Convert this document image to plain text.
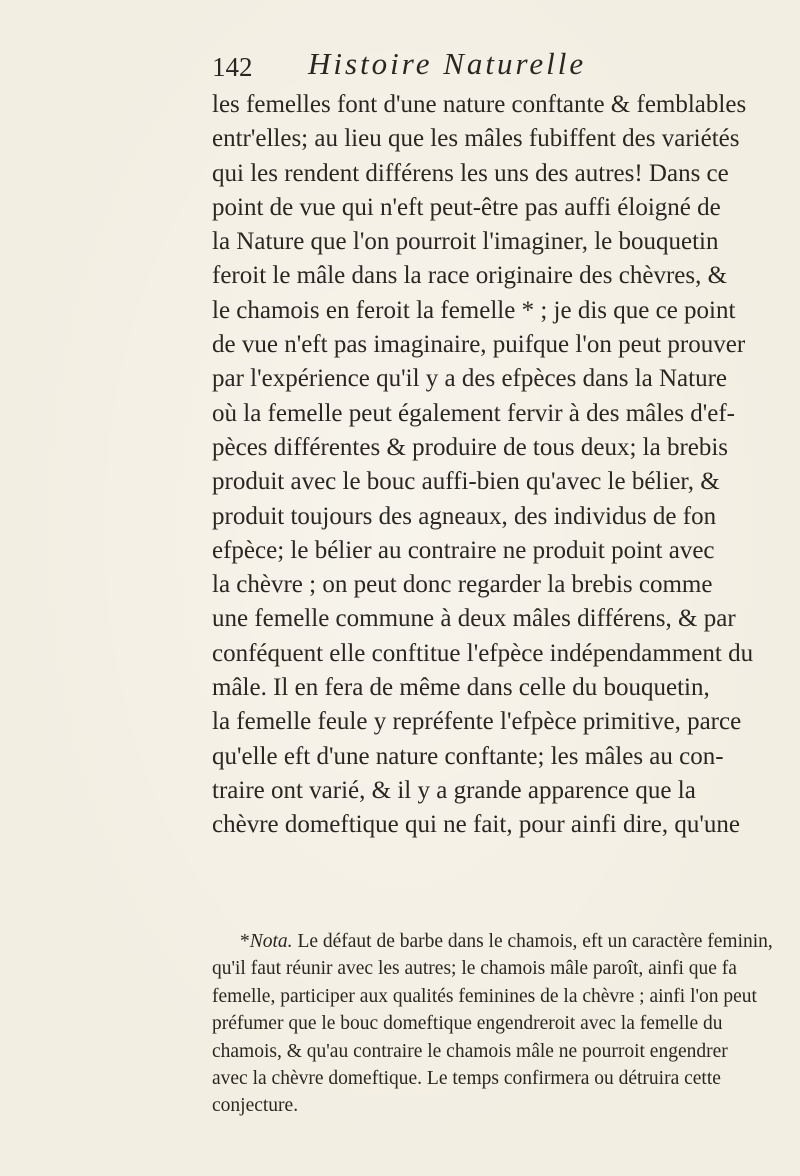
142 Histoire Naturelle
les femelles font d'une nature conftante & femblables
entr'elles; au lieu que les mâles fubiffent des variétés
qui les rendent différens les uns des autres! Dans ce
point de vue qui n'eft peut-être pas auffi éloigné de
la Nature que l'on pourroit l'imaginer, le bouquetin
feroit le mâle dans la race originaire des chèvres, &
le chamois en feroit la femelle * ; je dis que ce point
de vue n'eft pas imaginaire, puifque l'on peut prouver
par l'expérience qu'il y a des efpèces dans la Nature
où la femelle peut également fervir à des mâles d'ef-
pèces différentes & produire de tous deux; la brebis
produit avec le bouc auffi-bien qu'avec le bélier, &
produit toujours des agneaux, des individus de fon
efpèce; le bélier au contraire ne produit point avec
la chèvre ; on peut donc regarder la brebis comme
une femelle commune à deux mâles différens, & par
conféquent elle conftitue l'efpèce indépendamment du
mâle. Il en fera de même dans celle du bouquetin,
la femelle feule y repréfente l'efpèce primitive, parce
qu'elle eft d'une nature conftante; les mâles au con-
traire ont varié, & il y a grande apparence que la
chèvre domeftique qui ne fait, pour ainfi dire, qu'une
*Nota. Le défaut de barbe dans le chamois, eft un caractère feminin,
qu'il faut réunir avec les autres; le chamois mâle paroît, ainfi que fa
femelle, participer aux qualités feminines de la chèvre ; ainfi l'on peut
préfumer que le bouc domeftique engendreroit avec la femelle du
chamois, & qu'au contraire le chamois mâle ne pourroit engendrer
avec la chèvre domeftique. Le temps confirmera ou détruira cette
conjecture.
